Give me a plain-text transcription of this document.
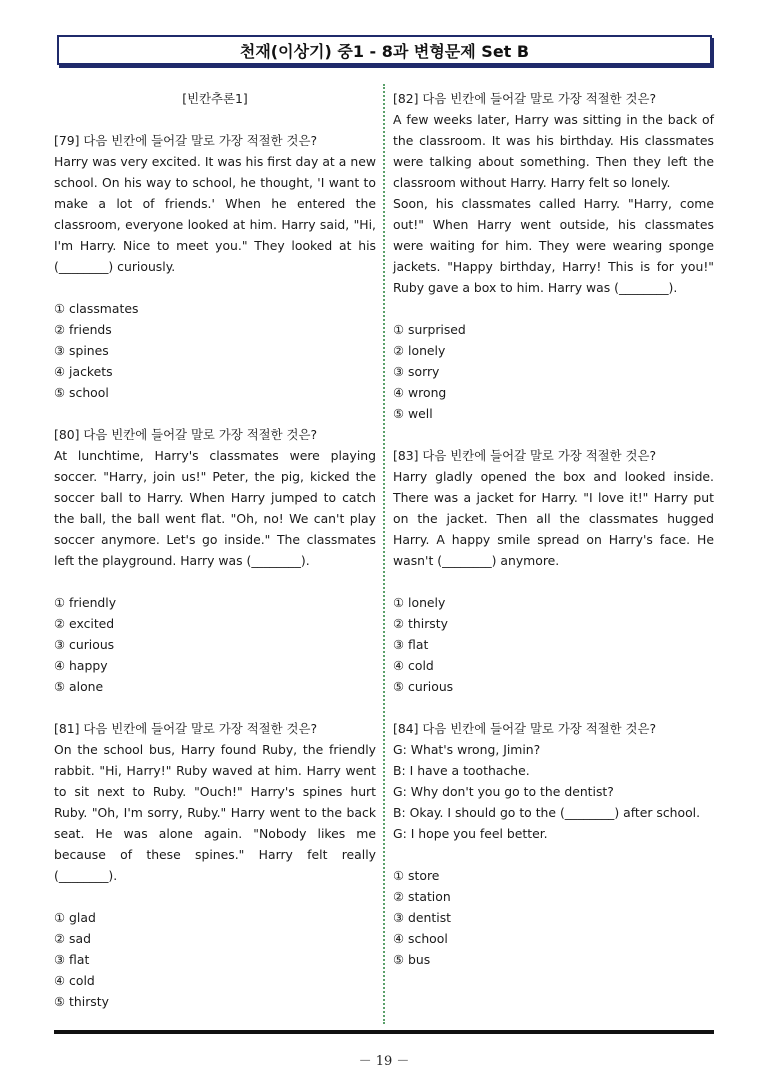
천재(이상기) 중1 - 8과 변형문제 Set B

[빈칸추론1]

[79] 다음 빈칸에 들어갈 말로 가장 적절한 것은?

Harry was very excited. It was his first day at a new school. On his way to school, he thought, 'I want to make a lot of friends.' When he entered the classroom, everyone looked at him. Harry said, "Hi, I'm Harry. Nice to meet you." They looked at his (________) curiously.

① classmates
② friends
③ spines
④ jackets
⑤ school

[80] 다음 빈칸에 들어갈 말로 가장 적절한 것은?

At lunchtime, Harry's classmates were playing soccer. "Harry, join us!" Peter, the pig, kicked the soccer ball to Harry. When Harry jumped to catch the ball, the ball went flat. "Oh, no! We can't play soccer anymore. Let's go inside." The classmates left the playground. Harry was (________).

① friendly
② excited
③ curious
④ happy
⑤ alone

[81] 다음 빈칸에 들어갈 말로 가장 적절한 것은?

On the school bus, Harry found Ruby, the friendly rabbit. "Hi, Harry!" Ruby waved at him. Harry went to sit next to Ruby. "Ouch!" Harry's spines hurt Ruby. "Oh, I'm sorry, Ruby." Harry went to the back seat. He was alone again. "Nobody likes me because of these spines." Harry felt really (________).

① glad
② sad
③ flat
④ cold
⑤ thirsty

[82] 다음 빈칸에 들어갈 말로 가장 적절한 것은?

A few weeks later, Harry was sitting in the back of the classroom. It was his birthday. His classmates were talking about something. Then they left the classroom without Harry. Harry felt so lonely.

Soon, his classmates called Harry. "Harry, come out!" When Harry went outside, his classmates were waiting for him. They were wearing sponge jackets. "Happy birthday, Harry! This is for you!" Ruby gave a box to him. Harry was (________).

① surprised
② lonely
③ sorry
④ wrong
⑤ well

[83] 다음 빈칸에 들어갈 말로 가장 적절한 것은?

Harry gladly opened the box and looked inside. There was a jacket for Harry. "I love it!" Harry put on the jacket. Then all the classmates hugged Harry. A happy smile spread on Harry's face. He wasn't (________) anymore.

① lonely
② thirsty
③ flat
④ cold
⑤ curious

[84] 다음 빈칸에 들어갈 말로 가장 적절한 것은?

G: What's wrong, Jimin?

B: I have a toothache.

G: Why don't you go to the dentist?

B: Okay. I should go to the (________) after school.

G: I hope you feel better.

① store
② station
③ dentist
④ school
⑤ bus
－ 19 －
